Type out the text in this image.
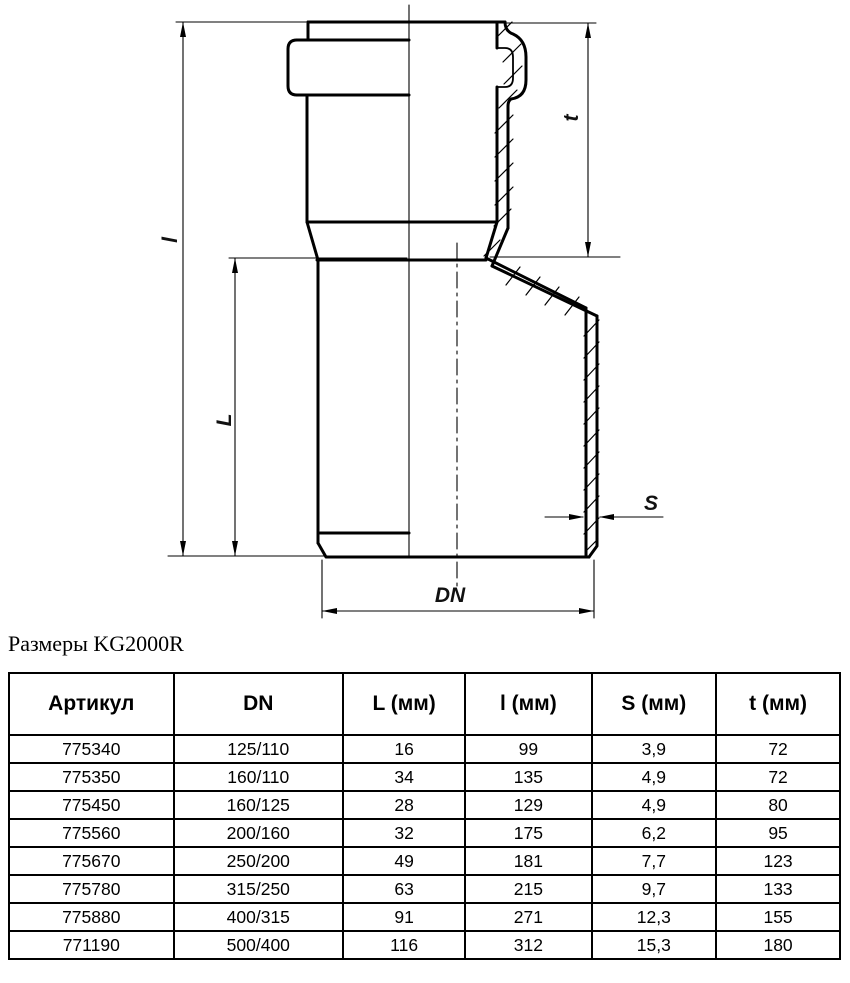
l
L
t
S
DN
Размеры KG2000R
Артикул	DN	L (мм)	l (мм)	S (мм)	t (мм)
775340	125/110	16	99	3,9	72
775350	160/110	34	135	4,9	72
775450	160/125	28	129	4,9	80
775560	200/160	32	175	6,2	95
775670	250/200	49	181	7,7	123
775780	315/250	63	215	9,7	133
775880	400/315	91	271	12,3	155
771190	500/400	116	312	15,3	180
